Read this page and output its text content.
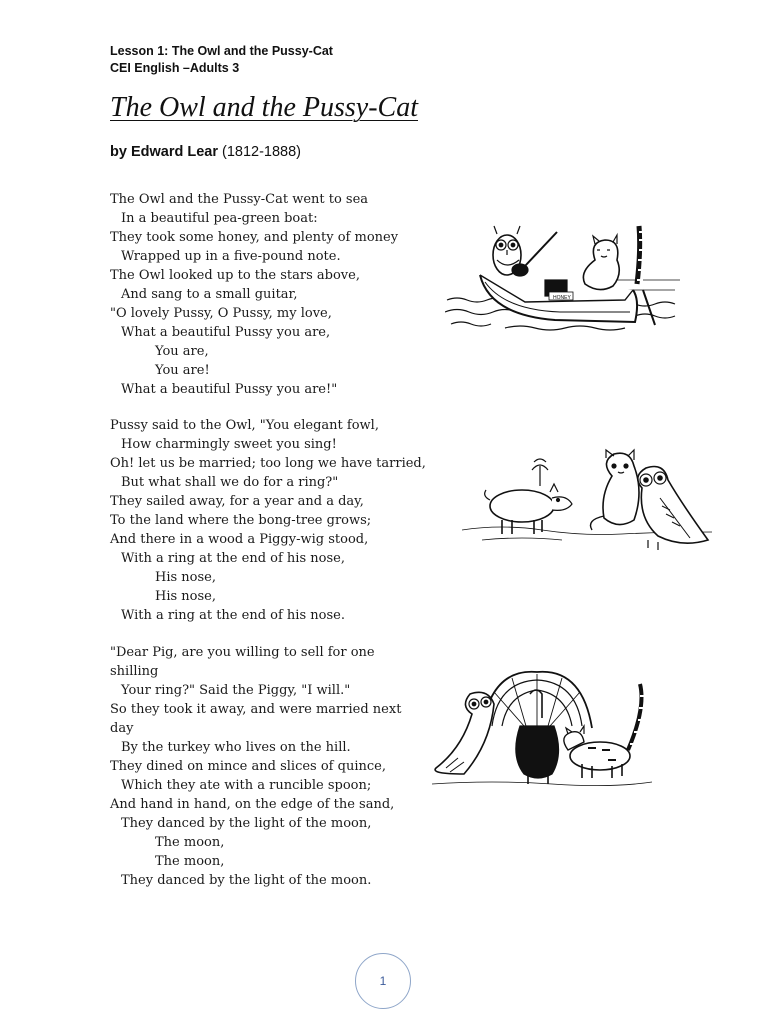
Lesson 1: The Owl and the Pussy-Cat
CEI English –Adults 3
The Owl and the Pussy-Cat
by Edward Lear (1812-1888)
The Owl and the Pussy-Cat went to sea
In a beautiful pea-green boat:
They took some honey, and plenty of money
Wrapped up in a five-pound note.
The Owl looked up to the stars above,
And sang to a small guitar,
"O lovely Pussy, O Pussy, my love,
What a beautiful Pussy you are,
You are,
You are!
What a beautiful Pussy you are!"
Pussy said to the Owl, "You elegant fowl,
How charmingly sweet you sing!
Oh! let us be married; too long we have tarried,
But what shall we do for a ring?"
They sailed away, for a year and a day,
To the land where the bong-tree grows;
And there in a wood a Piggy-wig stood,
With a ring at the end of his nose,
His nose,
His nose,
With a ring at the end of his nose.
"Dear Pig, are you willing to sell for one shilling
Your ring?" Said the Piggy, "I will."
So they took it away, and were married next day
By the turkey who lives on the hill.
They dined on mince and slices of quince,
Which they ate with a runcible spoon;
And hand in hand, on the edge of the sand,
They danced by the light of the moon,
The moon,
The moon,
They danced by the light of the moon.
HONEY
1
